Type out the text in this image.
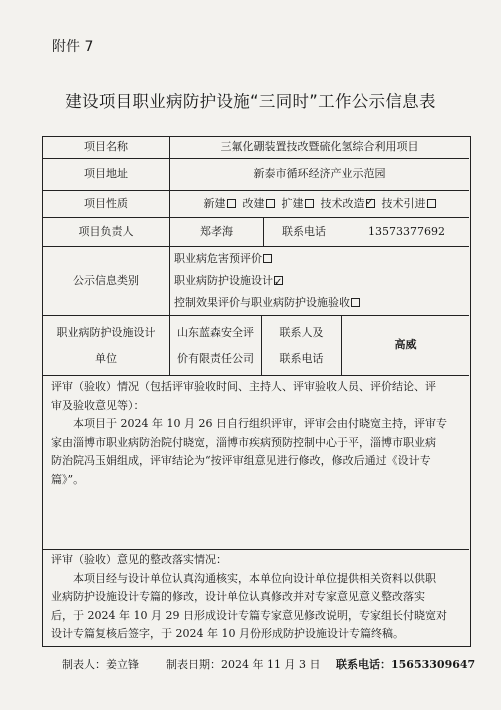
附件 7
建设项目职业病防护设施“三同时”工作公示信息表
项目名称	三氟化硼装置技改暨硫化氢综合利用项目
项目地址	新泰市循环经济产业示范园
项目性质	新建
	改建
	扩建
	技术改造✓
	技术引进
项目负责人	郑孝海	联系电话	13573377692
公示信息类别
职业病危害预评价
职业病防护设施设计✓
控制效果评价与职业病防护设施验收
职业病防护设施设计
单位
山东蓝森安全评
价有限责任公司
联系人及
联系电话
高威
评审（验收）情况（包括评审验收时间、主持人、评审验收人员、评价结论、评
审及验收意见等）：
本项目于 2024 年 10 月 26 日自行组织评审，评审会由付晓宽主持，评审专
家由淄博市职业病防治院付晓宽，淄博市疾病预防控制中心于平，淄博市职业病
防治院冯玉娟组成，评审结论为“按评审组意见进行修改，修改后通过《设计专
篇》”。
评审（验收）意见的整改落实情况：
本项目经与设计单位认真沟通核实，本单位向设计单位提供相关资料以供职
业病防护设施设计专篇的修改，设计单位认真修改并对专家意见意义整改落实
后，于 2024 年 10 月 29 日形成设计专篇专家意见修改说明，专家组长付晓宽对
设计专篇复核后签字，于 2024 年 10 月份形成防护设施设计专篇终稿。
制表人：姜立锋 制表日期：2024 年 11 月 3 日 联系电话：15653309647
